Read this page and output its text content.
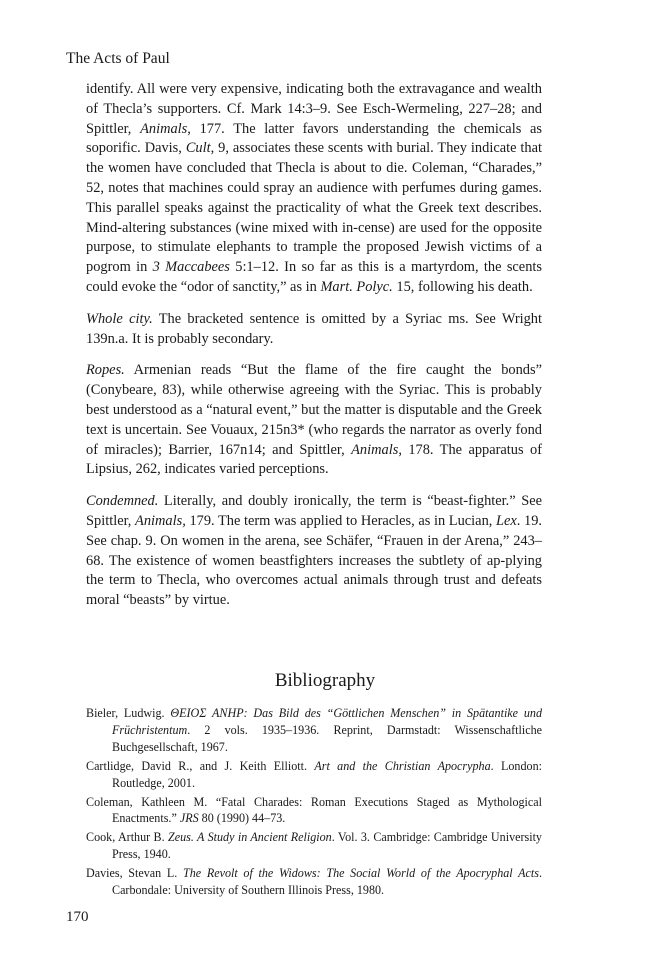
The Acts of Paul

identify. All were very expensive, indicating both the extravagance and wealth of Thecla’s supporters. Cf. Mark 14:3–9. See Esch-Wermeling, 227–28; and Spittler, Animals, 177. The latter favors understanding the chemicals as soporific. Davis, Cult, 9, associates these scents with burial. They indicate that the women have concluded that Thecla is about to die. Coleman, “Charades,” 52, notes that machines could spray an audience with perfumes during games. This parallel speaks against the practicality of what the Greek text describes. Mind-altering substances (wine mixed with in-cense) are used for the opposite purpose, to stimulate elephants to trample the proposed Jewish victims of a pogrom in 3 Maccabees 5:1–12. In so far as this is a martyrdom, the scents could evoke the “odor of sanctity,” as in Mart. Polyc. 15, following his death.

Whole city. The bracketed sentence is omitted by a Syriac ms. See Wright 139n.a. It is probably secondary.

Ropes. Armenian reads “But the flame of the fire caught the bonds” (Conybeare, 83), while otherwise agreeing with the Syriac. This is probably best understood as a “natural event,” but the matter is disputable and the Greek text is uncertain. See Vouaux, 215n3* (who regards the narrator as overly fond of miracles); Barrier, 167n14; and Spittler, Animals, 178. The apparatus of Lipsius, 262, indicates varied perceptions.

Condemned. Literally, and doubly ironically, the term is “beast-fighter.” See Spittler, Animals, 179. The term was applied to Heracles, as in Lucian, Lex. 19. See chap. 9. On women in the arena, see Schäfer, “Frauen in der Arena,” 243–68. The existence of women beastfighters increases the subtlety of ap-plying the term to Thecla, who overcomes actual animals through trust and defeats moral “beasts” by virtue.

Bibliography

Bieler, Ludwig. ΘΕΙΟΣ ΑΝΗΡ: Das Bild des “Göttlichen Menschen” in Spätantike und Früchristentum. 2 vols. 1935–1936. Reprint, Darmstadt: Wissenschaftliche Buchgesellschaft, 1967.

Cartlidge, David R., and J. Keith Elliott. Art and the Christian Apocrypha. London: Routledge, 2001.

Coleman, Kathleen M. “Fatal Charades: Roman Executions Staged as Mythological Enactments.” JRS 80 (1990) 44–73.

Cook, Arthur B. Zeus. A Study in Ancient Religion. Vol. 3. Cambridge: Cambridge University Press, 1940.

Davies, Stevan L. The Revolt of the Widows: The Social World of the Apocryphal Acts. Carbondale: University of Southern Illinois Press, 1980.

170
